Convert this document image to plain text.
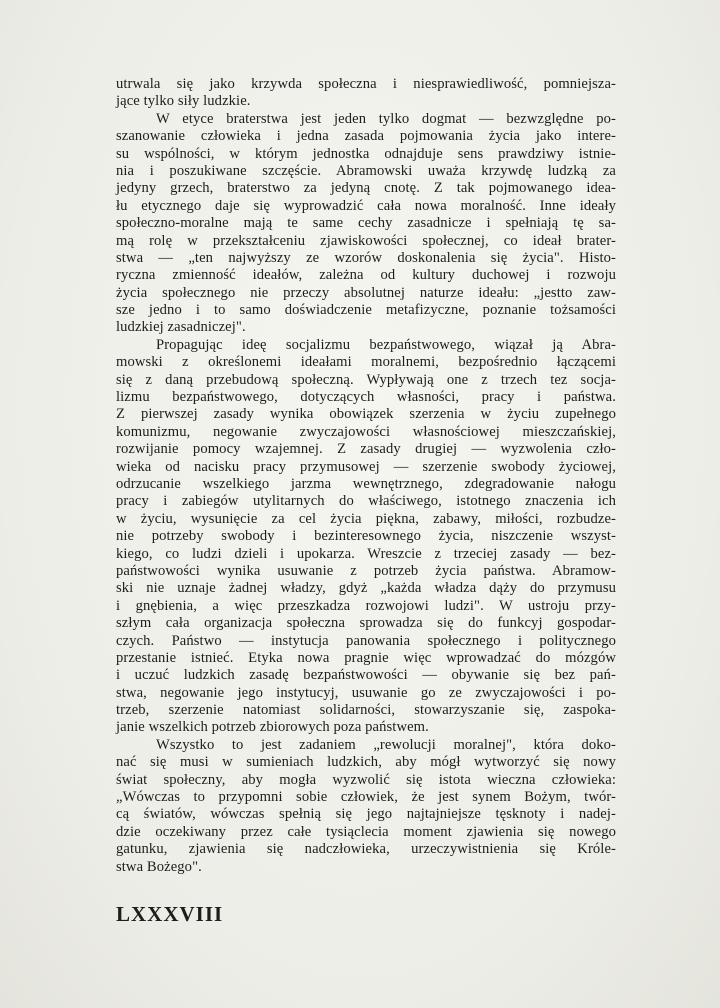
utrwala się jako krzywda społeczna i niesprawiedliwość, pomniejsza-
jące tylko siły ludzkie.
W etyce braterstwa jest jeden tylko dogmat — bezwzględne po-
szanowanie człowieka i jedna zasada pojmowania życia jako intere-
su wspólności, w którym jednostka odnajduje sens prawdziwy istnie-
nia i poszukiwane szczęście. Abramowski uważa krzywdę ludzką za
jedyny grzech, braterstwo za jedyną cnotę. Z tak pojmowanego ideа-
łu etycznego daje się wyprowadzić cała nowa moralność. Inne ideały
społeczno-moralne mają te same cechy zasadnicze i spełniają tę sa-
mą rolę w przekształceniu zjawiskowości społecznej, co ideał brater-
stwa — „ten najwyższy ze wzorów doskonalenia się życia". Histo-
ryczna zmienność ideałów, zależna od kultury duchowej i rozwoju
życia społecznego nie przeczy absolutnej naturze ideału: „jestto zaw-
sze jedno i to samo doświadczenie metafizyczne, poznanie tożsamości
ludzkiej zasadniczej".
Propagując ideę socjalizmu bezpaństwowego, wiązał ją Abra-
mowski z określonemi ideałami moralnemi, bezpośrednio łączącemi
się z daną przebudową społeczną. Wypływają one z trzech tez socja-
lizmu bezpaństwowego, dotyczących własności, pracy i państwa.
Z pierwszej zasady wynika obowiązek szerzenia w życiu zupełnego
komunizmu, negowanie zwyczajowości własnościowej mieszczańskiej,
rozwijanie pomocy wzajemnej. Z zasady drugiej — wyzwolenia czło-
wieka od nacisku pracy przymusowej — szerzenie swobody życiowej,
odrzucanie wszelkiego jarzma wewnętrznego, zdegradowanie nałogu
pracy i zabiegów utylitarnych do właściwego, istotnego znaczenia ich
w życiu, wysunięcie za cel życia piękna, zabawy, miłości, rozbudze-
nie potrzeby swobody i bezinteresownego życia, niszczenie wszyst-
kiego, co ludzi dzieli i upokarza. Wreszcie z trzeciej zasady — bez-
państwowości wynika usuwanie z potrzeb życia państwa. Abramow-
ski nie uznaje żadnej władzy, gdyż „każda władza dąży do przymusu
i gnębienia, a więc przeszkadza rozwojowi ludzi". W ustroju przy-
szłym cała organizacja społeczna sprowadza się do funkcyj gospodar-
czych. Państwo — instytucja panowania społecznego i politycznego
przestanie istnieć. Etyka nowa pragnie więc wprowadzać do mózgów
i uczuć ludzkich zasadę bezpaństwowości — obywanie się bez pań-
stwa, negowanie jego instytucyj, usuwanie go ze zwyczajowości i po-
trzeb, szerzenie natomiast solidarności, stowarzyszanie się, zaspoka-
janie wszelkich potrzeb zbiorowych poza państwem.
Wszystko to jest zadaniem „rewolucji moralnej", która doko-
nać się musi w sumieniach ludzkich, aby mógł wytworzyć się nowy
świat społeczny, aby mogła wyzwolić się istota wieczna człowieka:
„Wówczas to przypomni sobie człowiek, że jest synem Bożym, twór-
cą światów, wówczas spełnią się jego najtajniejsze tęsknoty i nadej-
dzie oczekiwany przez całe tysiąclecia moment zjawienia się nowego
gatunku, zjawienia się nadczłowieka, urzeczywistnienia się Króle-
stwa Bożego".
LXXXVIII
